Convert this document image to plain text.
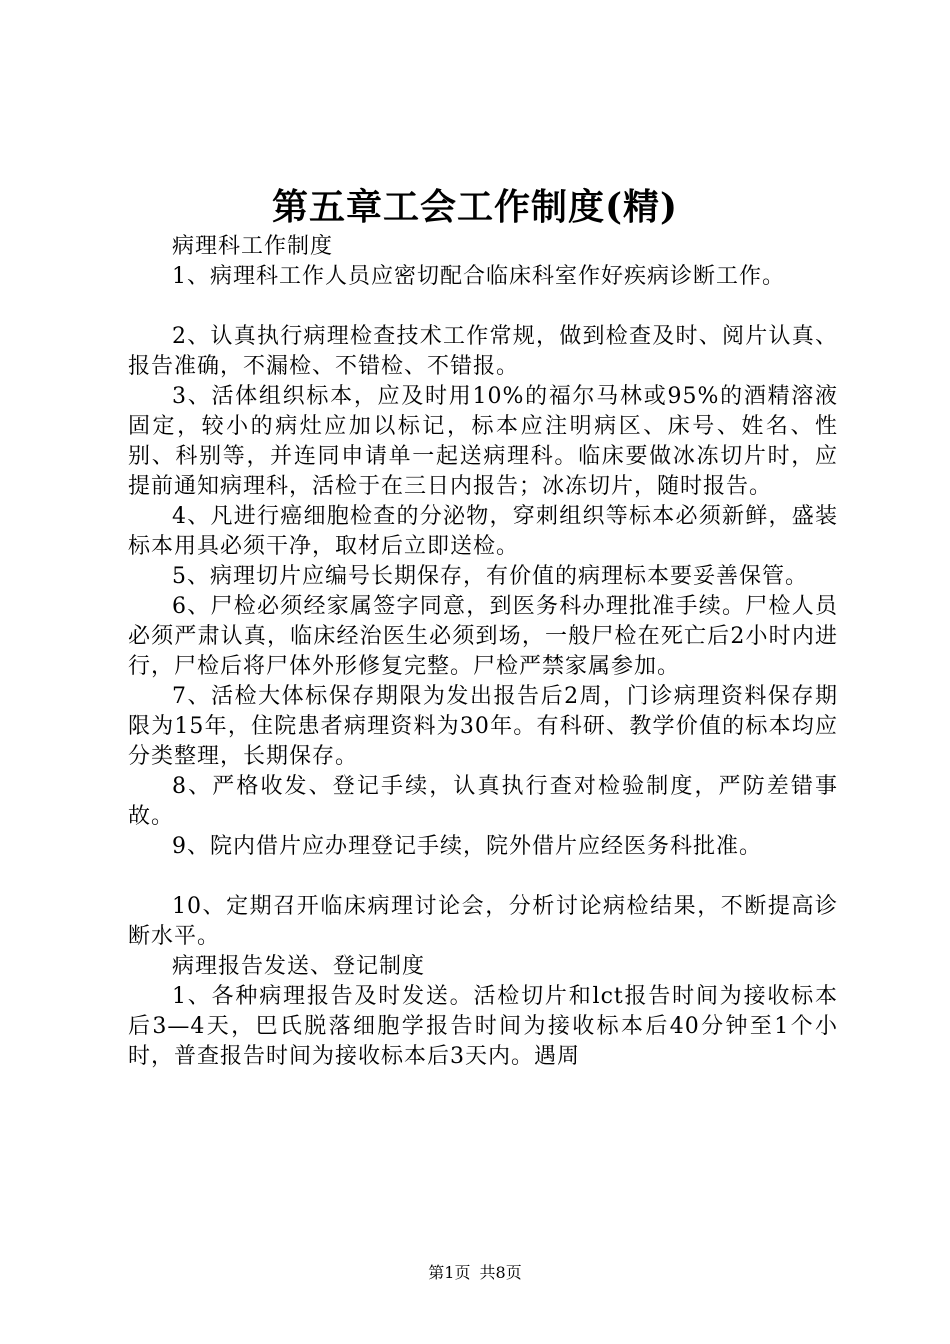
第五章工会工作制度(精)

病理科工作制度

1、病理科工作人员应密切配合临床科室作好疾病诊断工作。

2、认真执行病理检查技术工作常规，做到检查及时、阅片认真、报告准确，不漏检、不错检、不错报。

3、活体组织标本，应及时用10%的福尔马林或95%的酒精溶液固定，较小的病灶应加以标记，标本应注明病区、床号、姓名、性别、科别等，并连同申请单一起送病理科。临床要做冰冻切片时，应提前通知病理科，活检于在三日内报告；冰冻切片，随时报告。

4、凡进行癌细胞检查的分泌物，穿刺组织等标本必须新鲜，盛装标本用具必须干净，取材后立即送检。

5、病理切片应编号长期保存，有价值的病理标本要妥善保管。

6、尸检必须经家属签字同意，到医务科办理批准手续。尸检人员必须严肃认真，临床经治医生必须到场，一般尸检在死亡后2小时内进行，尸检后将尸体外形修复完整。尸检严禁家属参加。

7、活检大体标保存期限为发出报告后2周，门诊病理资料保存期限为15年，住院患者病理资料为30年。有科研、教学价值的标本均应分类整理，长期保存。

8、严格收发、登记手续，认真执行查对检验制度，严防差错事故。

9、院内借片应办理登记手续，院外借片应经医务科批准。

10、定期召开临床病理讨论会，分析讨论病检结果，不断提高诊断水平。

病理报告发送、登记制度

1、各种病理报告及时发送。活检切片和lct报告时间为接收标本后3—4天，巴氏脱落细胞学报告时间为接收标本后40分钟至1个小时，普查报告时间为接收标本后3天内。遇周

第1页 共8页
